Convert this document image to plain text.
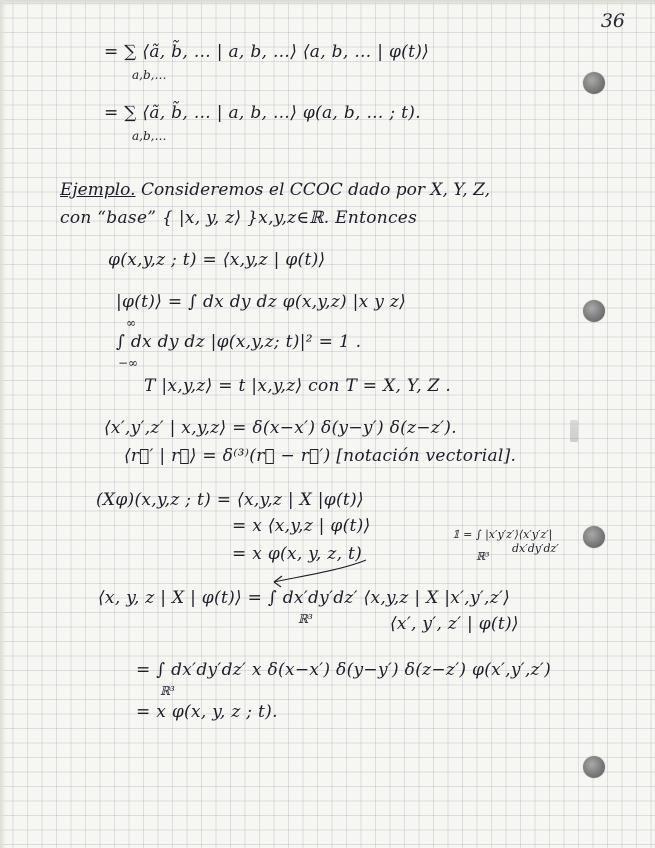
36
= ∑ ⟨ã, b̃, … | a, b, …⟩ ⟨a, b, … | φ(t)⟩
a,b,…
= ∑ ⟨ã, b̃, … | a, b, …⟩ φ(a, b, … ; t).
a,b,…
Ejemplo. Consideremos el CCOC dado por X, Y, Z,
con “base” { |x, y, z⟩ }x,y,z∈ℝ. Entonces
φ(x,y,z ; t) = ⟨x,y,z | φ(t)⟩
|φ(t)⟩ = ∫ dx dy dz φ(x,y,z) |x y z⟩
∞
∫ dx dy dz |φ(x,y,z; t)|² = 1 .
−∞
T |x,y,z⟩ = t |x,y,z⟩ con T = X, Y, Z .
⟨x′,y′,z′ | x,y,z⟩ = δ(x−x′) δ(y−y′) δ(z−z′).
⟨r⃗′ | r⃗⟩ = δ⁽³⁾(r⃗ − r⃗′) [notación vectorial].
(Xφ)(x,y,z ; t) = ⟨x,y,z | X |φ(t)⟩
= x ⟨x,y,z | φ(t)⟩
= x φ(x, y, z, t)
𝟙 = ∫ |x′y′z′⟩⟨x′y′z′|
dx′dy′dz′
ℝ³
⟨x, y, z | X | φ(t)⟩ = ∫ dx′dy′dz′ ⟨x,y,z | X |x′,y′,z′⟩
ℝ³	⟨x′, y′, z′ | φ(t)⟩
= ∫ dx′dy′dz′ x δ(x−x′) δ(y−y′) δ(z−z′) φ(x′,y′,z′)
ℝ³
= x φ(x, y, z ; t).
